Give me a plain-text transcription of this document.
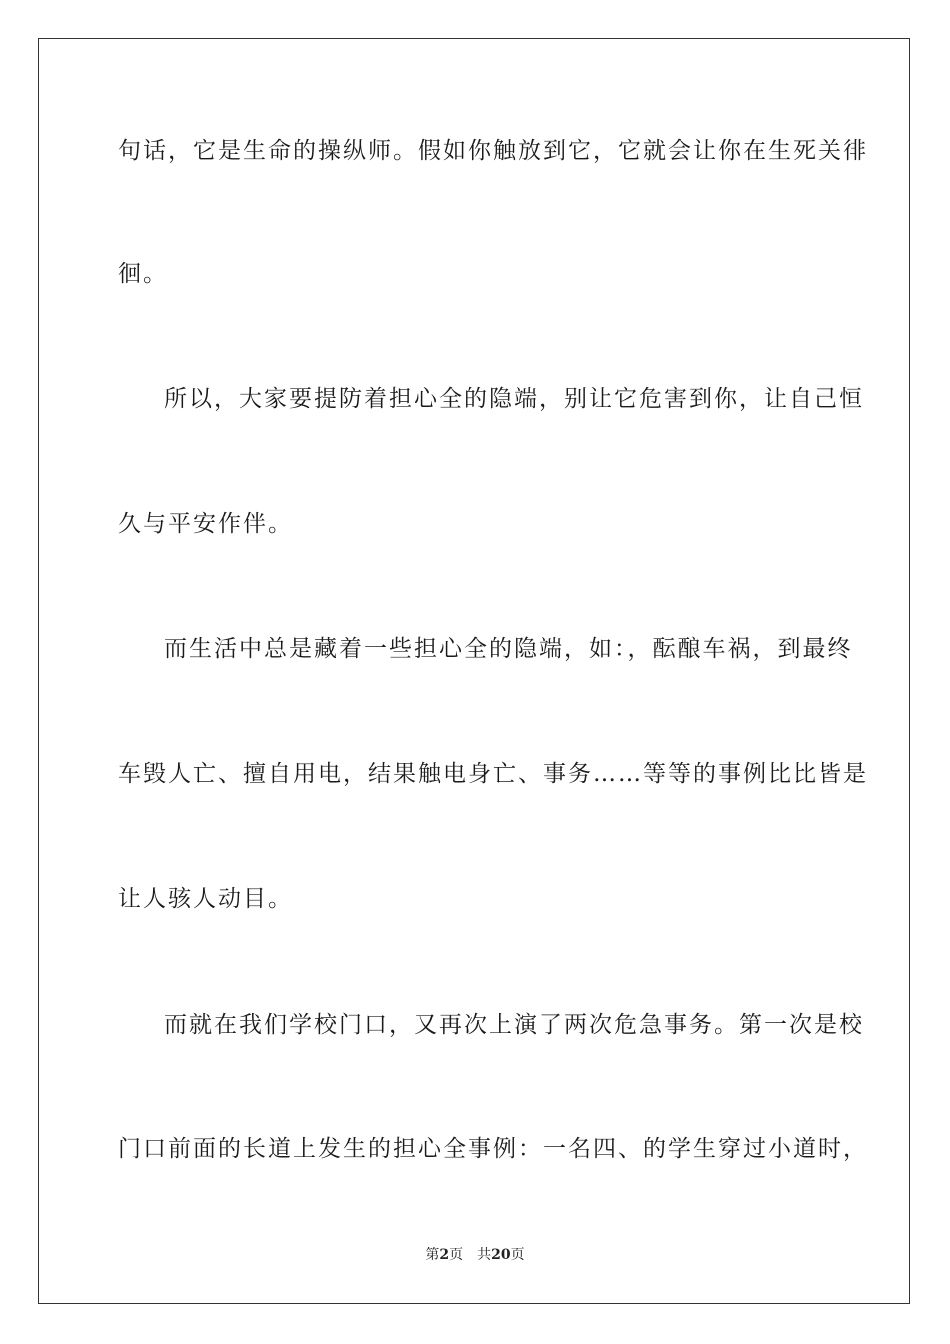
句话，它是生命的操纵师。假如你触放到它，它就会让你在生死关徘
徊。
所以，大家要提防着担心全的隐端，别让它危害到你，让自己恒
久与平安作伴。
而生活中总是藏着一些担心全的隐端，如：，酝酿车祸，到最终
车毁人亡、擅自用电，结果触电身亡、事务……等等的事例比比皆是
让人骇人动目。
而就在我们学校门口，又再次上演了两次危急事务。第一次是校
门口前面的长道上发生的担心全事例：一名四、的学生穿过小道时，
第2页 共20页
